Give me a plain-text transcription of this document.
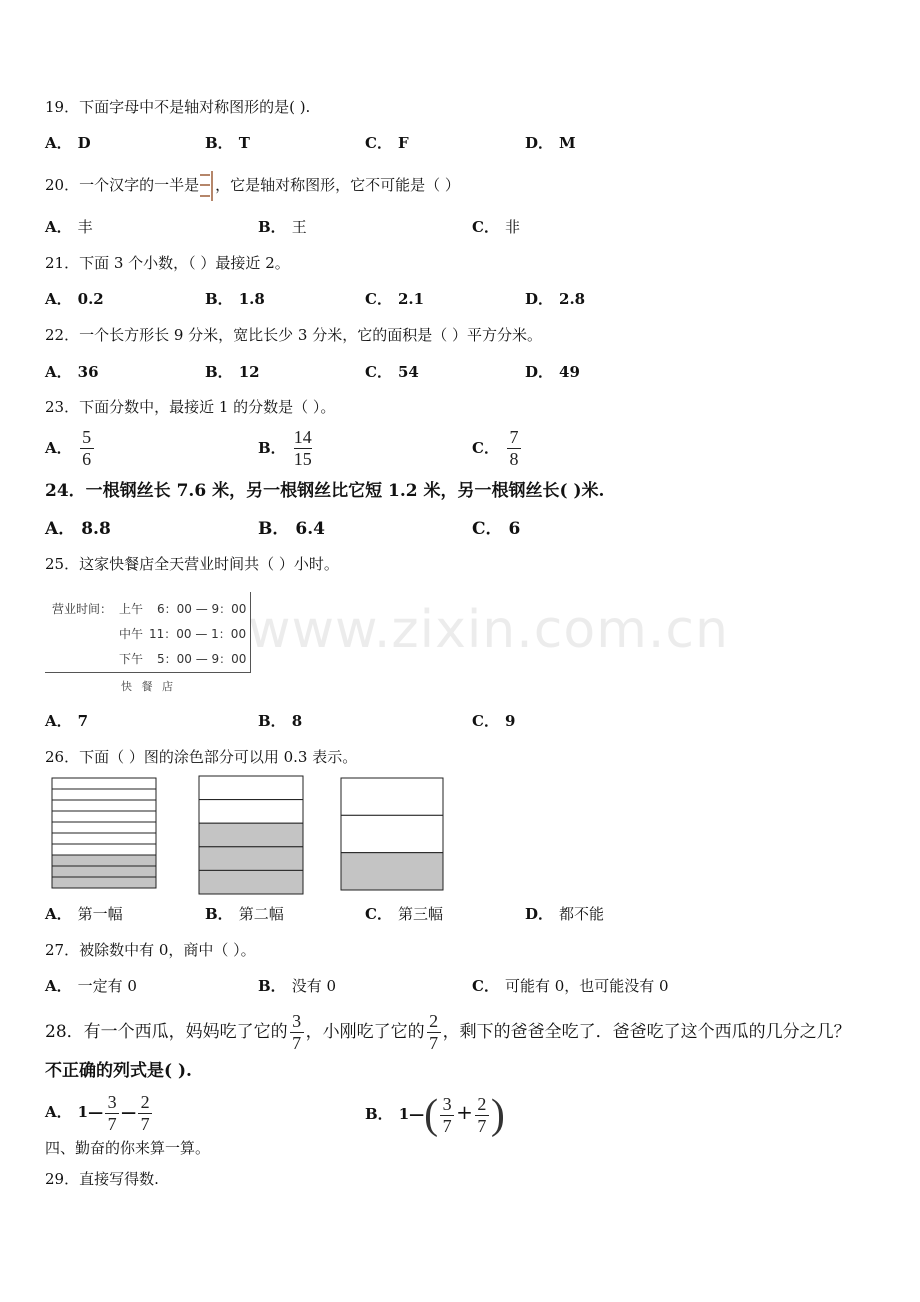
www.zixin.com.cn
19．下面字母中不是轴对称图形的是( ).
A． D	B． T	C． F	D． M
20．一个汉字的一半是 ，它是轴对称图形，它不可能是（ ）
A． 丰	B． 王	C． 非
21．下面 3 个小数，（ ）最接近 2。
A． 0.2	B． 1.8	C． 2.1	D． 2.8
22．一个长方形长 9 分米，宽比长少 3 分米，它的面积是（ ）平方分米。
A． 36	B． 12	C． 54	D． 49
23．下面分数中，最接近 1 的分数是（ ）。
A． $\frac{5}{6}$	B． $\frac{14}{15}$	C． $\frac{7}{8}$
24．一根钢丝长 7.6 米，另一根钢丝比它短 1.2 米，另一根钢丝长( )米.
A． 8.8	B． 6.4	C． 6
25．这家快餐店全天营业时间共（ ）小时。
营业时间： 上午 6：00 — 9：00
中午 11：00 — 1：00
下午 5：00 — 9：00
快 餐 店
A． 7	B． 8	C． 9
26．下面（ ）图的涂色部分可以用 0.3 表示。
A． 第一幅	B． 第二幅	C． 第三幅	D． 都不能
27．被除数中有 0，商中（ ）。
A． 一定有 0	B． 没有 0	C． 可能有 0，也可能没有 0
28．有一个西瓜，妈妈吃了它的 $\frac{3}{7}$ ，小刚吃了它的 $\frac{2}{7}$ ，剩下的爸爸全吃了．爸爸吃了这个西瓜的几分之几？
不正确的列式是( ).
A． 1— $\frac{3}{7}$ — $\frac{2}{7}$	B． 1—( $\frac{3}{7} + \frac{2}{7}$ )
四、勤奋的你来算一算。
29．直接写得数.
